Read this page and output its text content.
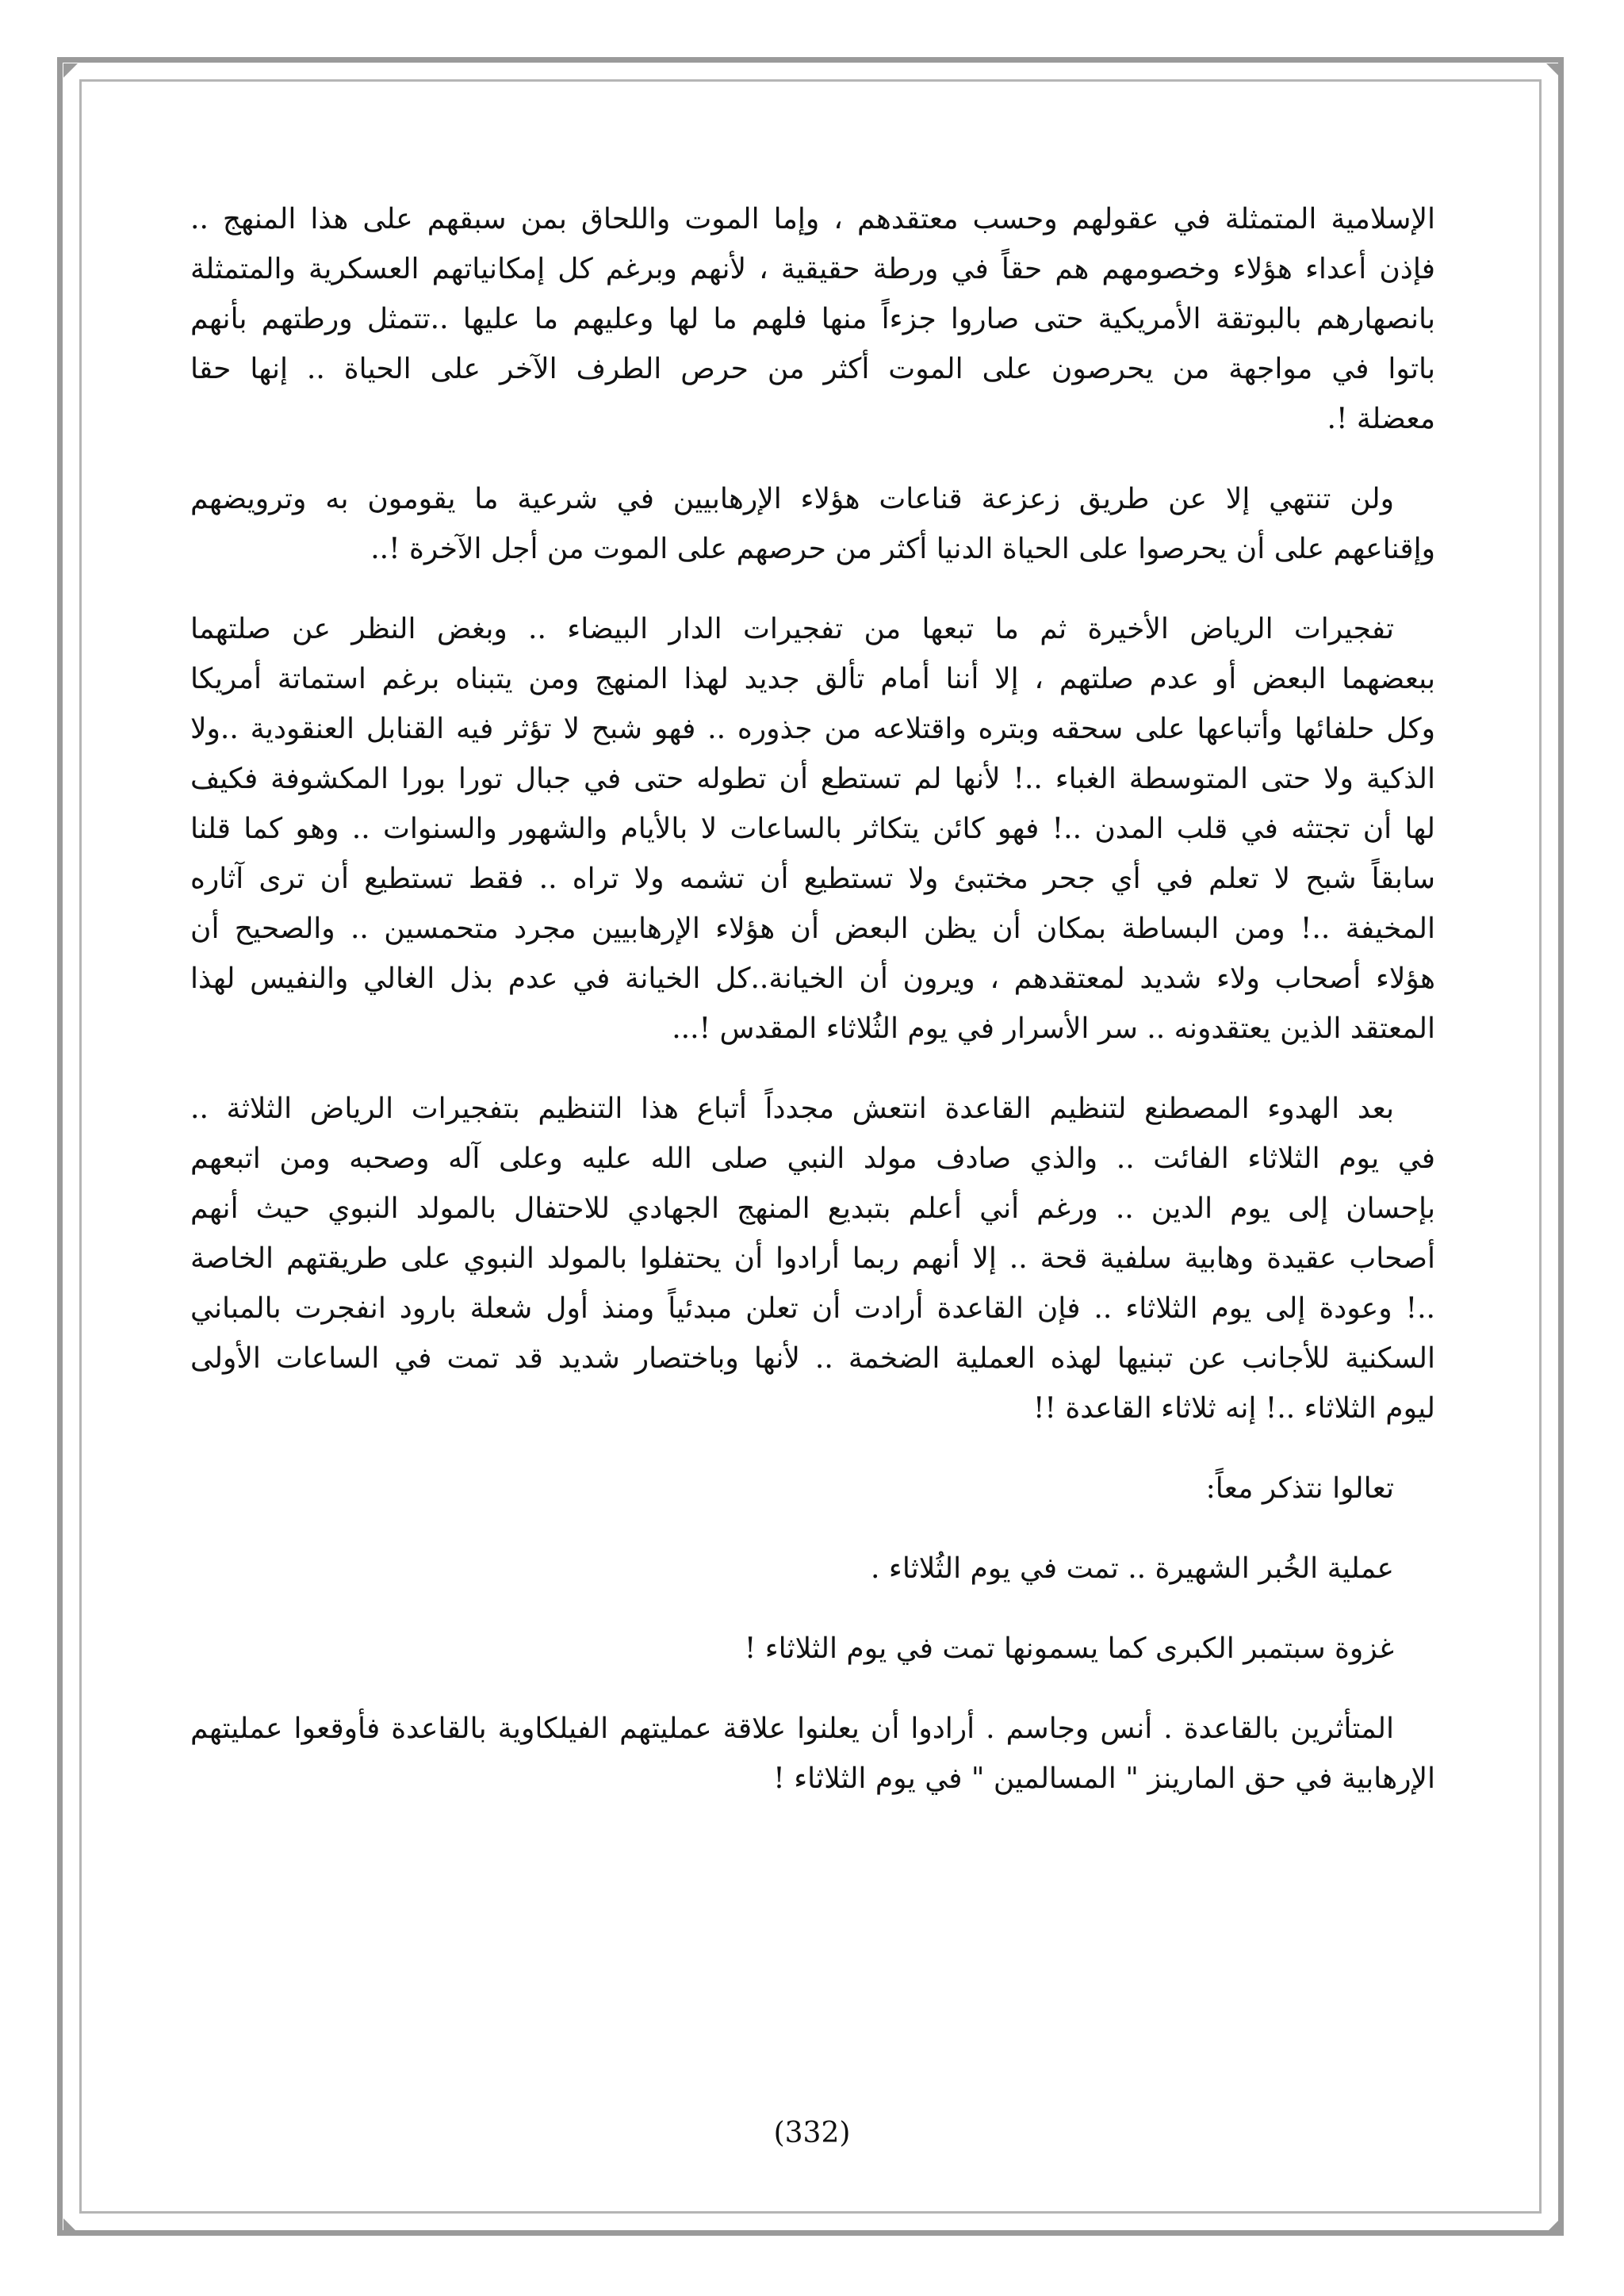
الإسلامية المتمثلة في عقولهم وحسب معتقدهم ، وإما الموت واللحاق بمن سبقهم على هذا المنهج ..
فإذن أعداء هؤلاء وخصومهم هم حقاً في ورطة حقيقية ، لأنهم وبرغم كل إمكانياتهم العسكرية والمتمثلة
بانصهارهم بالبوتقة الأمريكية حتى صاروا جزءاً منها فلهم ما لها وعليهم ما عليها ..تتمثل ورطتهم بأنهم
باتوا في مواجهة من يحرصون على الموت أكثر من حرص الطرف الآخر على الحياة .. إنها حقا
معضلة !.
ولن تنتهي إلا عن طريق زعزعة قناعات هؤلاء الإرهابيين في شرعية ما يقومون به وترويضهم
وإقناعهم على أن يحرصوا على الحياة الدنيا أكثر من حرصهم على الموت من أجل الآخرة !..
تفجيرات الرياض الأخيرة ثم ما تبعها من تفجيرات الدار البيضاء .. وبغض النظر عن صلتهما
ببعضهما البعض أو عدم صلتهم ، إلا أننا أمام تألق جديد لهذا المنهج ومن يتبناه برغم استماتة أمريكا
وكل حلفائها وأتباعها على سحقه وبتره واقتلاعه من جذوره .. فهو شبح لا تؤثر فيه القنابل العنقودية ..ولا
الذكية ولا حتى المتوسطة الغباء ..! لأنها لم تستطع أن تطوله حتى في جبال تورا بورا المكشوفة فكيف
لها أن تجتثه في قلب المدن ..! فهو كائن يتكاثر بالساعات لا بالأيام والشهور والسنوات .. وهو كما قلنا
سابقاً شبح لا تعلم في أي جحر مختبئ ولا تستطيع أن تشمه ولا تراه .. فقط تستطيع أن ترى آثاره
المخيفة ..! ومن البساطة بمكان أن يظن البعض أن هؤلاء الإرهابيين مجرد متحمسين .. والصحيح أن
هؤلاء أصحاب ولاء شديد لمعتقدهم ، ويرون أن الخيانة..كل الخيانة في عدم بذل الغالي والنفيس لهذا
المعتقد الذين يعتقدونه .. سر الأسرار في يوم الثُلاثاء المقدس !...
بعد الهدوء المصطنع لتنظيم القاعدة انتعش مجدداً أتباع هذا التنظيم بتفجيرات الرياض الثلاثة ..
في يوم الثلاثاء الفائت .. والذي صادف مولد النبي صلى الله عليه وعلى آله وصحبه ومن اتبعهم
بإحسان إلى يوم الدين .. ورغم أني أعلم بتبديع المنهج الجهادي للاحتفال بالمولد النبوي حيث أنهم
أصحاب عقيدة وهابية سلفية قحة .. إلا أنهم ربما أرادوا أن يحتفلوا بالمولد النبوي على طريقتهم الخاصة
..! وعودة إلى يوم الثلاثاء .. فإن القاعدة أرادت أن تعلن مبدئياً ومنذ أول شعلة بارود انفجرت بالمباني
السكنية للأجانب عن تبنيها لهذه العملية الضخمة .. لأنها وباختصار شديد قد تمت في الساعات الأولى
ليوم الثلاثاء ..! إنه ثلاثاء القاعدة !!
تعالوا نتذكر معاً:
عملية الخُبر الشهيرة .. تمت في يوم الثُلاثاء .
غزوة سبتمبر الكبرى كما يسمونها تمت في يوم الثلاثاء !
المتأثرين بالقاعدة . أنس وجاسم . أرادوا أن يعلنوا علاقة عمليتهم الفيلكاوية بالقاعدة فأوقعوا عمليتهم
الإرهابية في حق المارينز " المسالمين " في يوم الثلاثاء !
(332)
